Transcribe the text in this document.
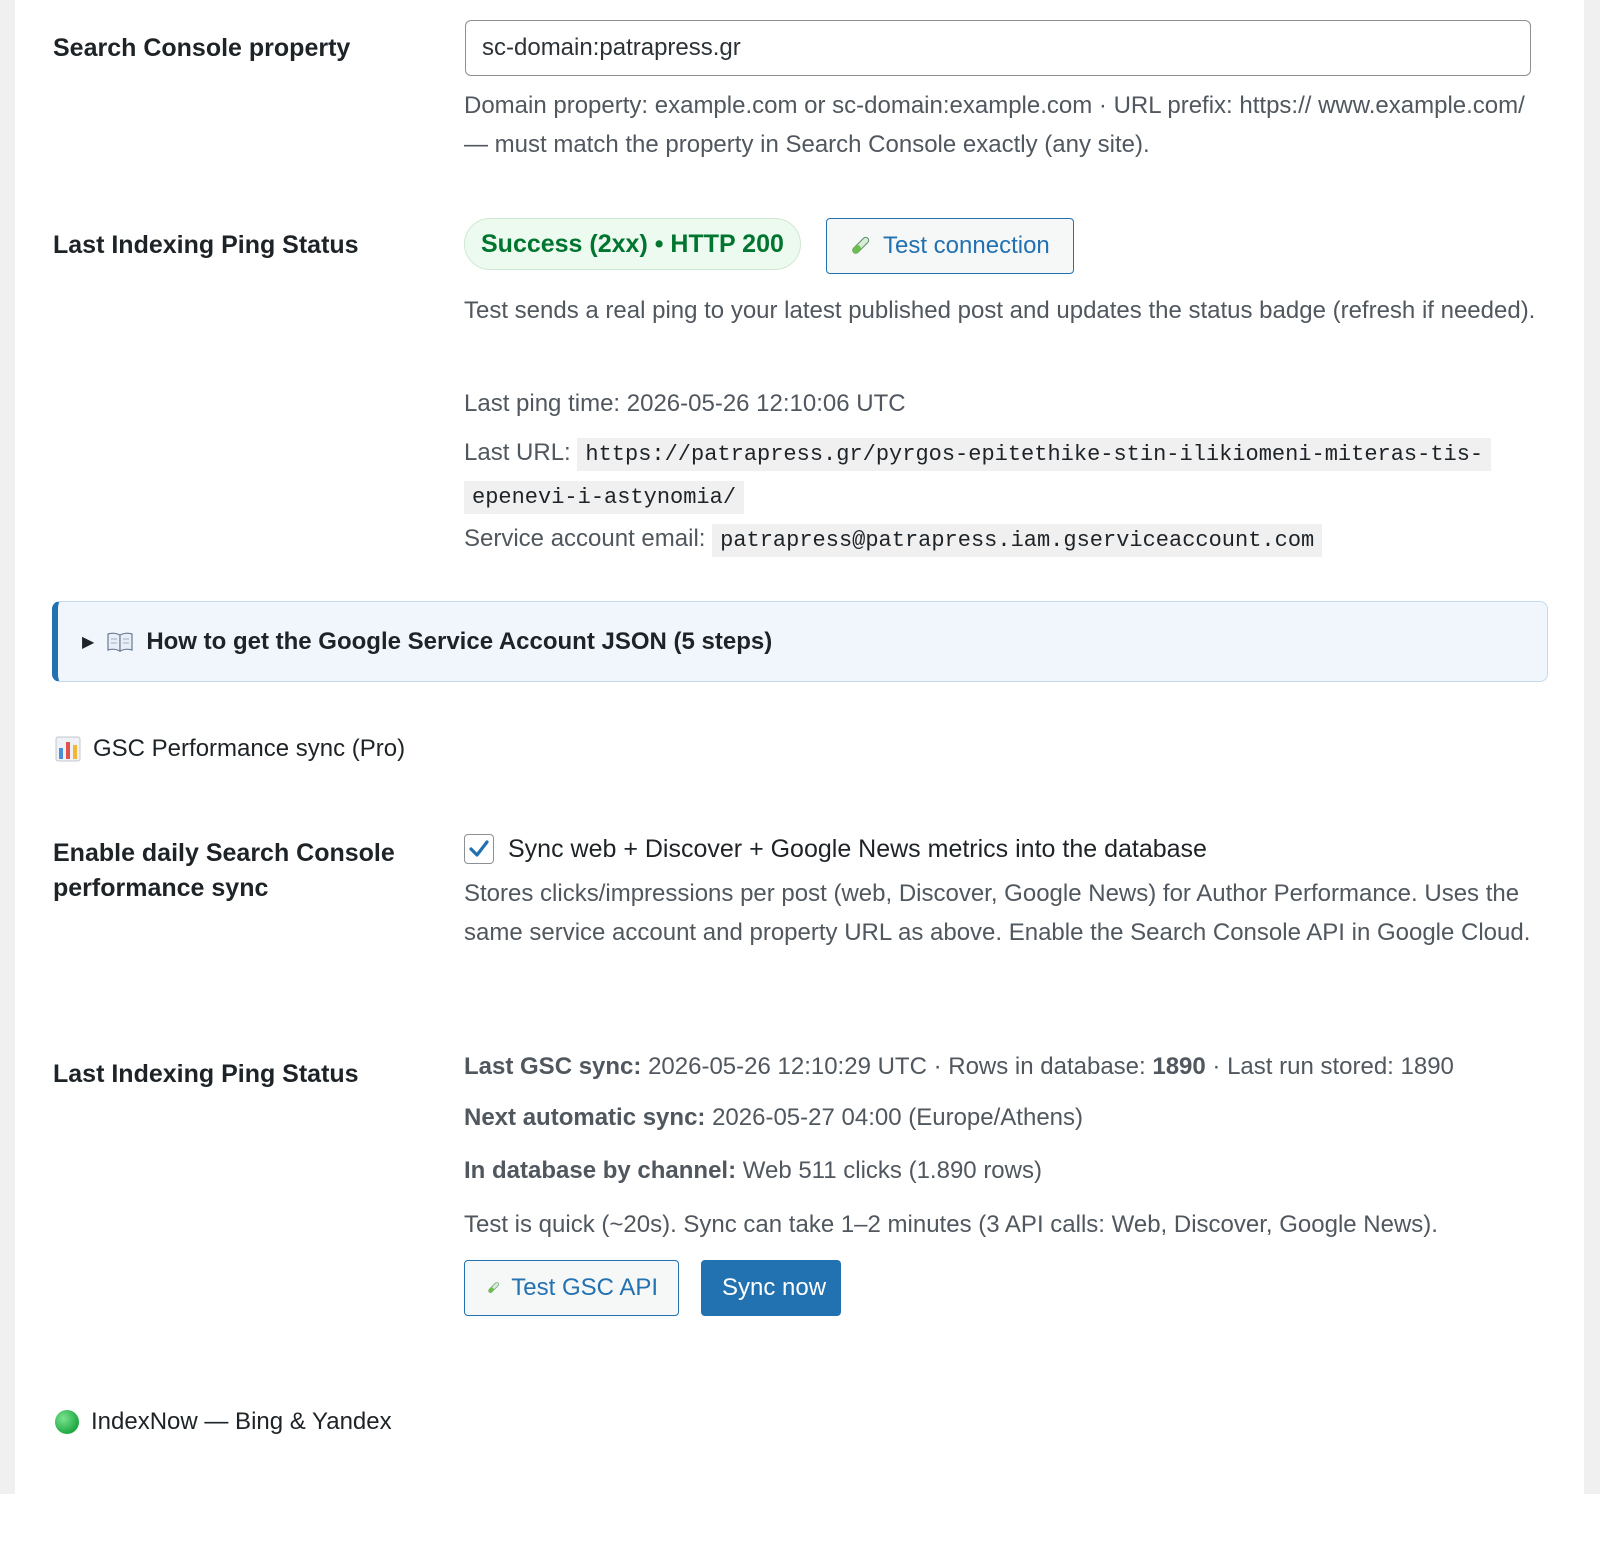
Search Console property
sc-domain:patrapress.gr
Domain property: example.com or sc-domain:example.com · URL prefix: https:// www.example.com/ — must match the property in Search Console exactly (any site).
Last Indexing Ping Status	Success (2xx) • HTTP 200	Test connection
Test sends a real ping to your latest published post and updates the status badge (refresh if needed).
Last ping time: 2026-05-26 12:10:06 UTC
Last URL: https://patrapress.gr/pyrgos-epitethike-stin-ilikiomeni-miteras-tis-epenevi-i-astynomia/
Service account email: patrapress@patrapress.iam.gserviceaccount.com
▶ How to get the Google Service Account JSON (5 steps)
GSC Performance sync (Pro)
Enable daily Search Console
performance sync
Sync web + Discover + Google News metrics into the database
Stores clicks/impressions per post (web, Discover, Google News) for Author Performance. Uses the same service account and property URL as above. Enable the Search Console API in Google Cloud.
Last Indexing Ping Status	Last GSC sync: 2026-05-26 12:10:29 UTC · Rows in database: 1890 · Last run stored: 1890
Next automatic sync: 2026-05-27 04:00 (Europe/Athens)
In database by channel: Web 511 clicks (1.890 rows)
Test is quick (~20s). Sync can take 1–2 minutes (3 API calls: Web, Discover, Google News).
Test GSC API	Sync now
IndexNow — Bing & Yandex
